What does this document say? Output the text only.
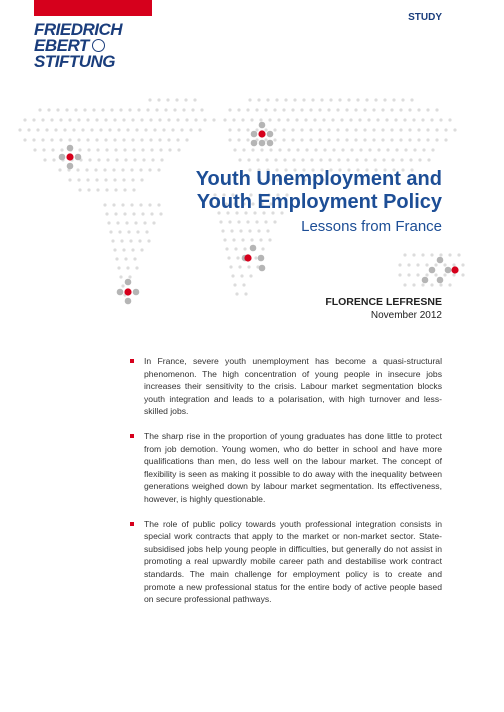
FRIEDRICH
EBERT
STIFTUNG
STUDY
Youth Unemployment and
Youth Employment Policy
Lessons from France
FLORENCE LEFRESNE
November 2012
In France, severe youth unemployment has become a quasi-structural phenomenon. The high concentration of young people in insecure jobs increases their sensitivity to the crisis. Labour market segmentation blocks youth integration and leads to a polarisation, with high turnover and less-skilled jobs.
The sharp rise in the proportion of young graduates has done little to protect from job demotion. Young women, who do better in school and have more qualifications than men, do less well on the labour market. The concept of flexibility is seen as making it possible to do away with the inequality between generations weighed down by labour market segmentation. Its effectiveness, however, is highly questionable.
The role of public policy towards youth professional integration consists in special work contracts that apply to the market or non-market sector. State-subsidised jobs help young people in difficulties, but generally do not assist in promoting a real upwardly mobile career path and destabilise work contract standards. The main challenge for employment policy is to create and promote a new professional status for the entire body of active people based on secure professional pathways.
